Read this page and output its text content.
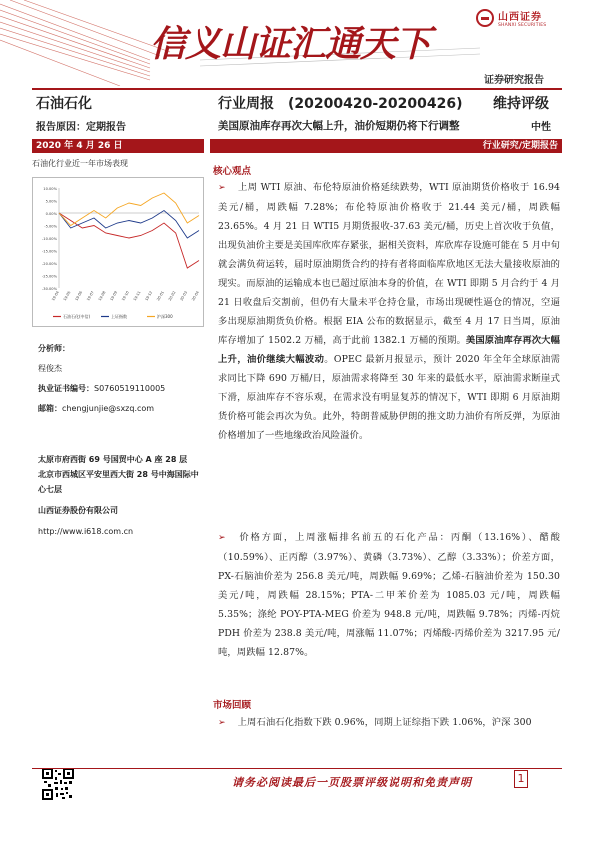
信义山证汇通天下
山西证券
SHANXI SECURITIES
证券研究报告
石油石化	行业周报　(20200420-20200426) 维持评级
报告原因：定期报告	美国原油库存再次大幅上升，油价短期仍将下行调整	中性
2020 年 4 月 26 日	行业研究/定期报告
石油化行业近一年市场表现
10.00%
5.00%
0.00%
-5.00%
-10.00%
-15.00%
-20.00%
-25.00%
-30.00%
19-04 19-05 19-06 19-07 19-08 19-09 19-10 19-11 19-12 20-01 20-02 20-03 20-04
石油石化(中信)	上证指数	沪深300
分析师：
程俊杰
执业证书编号：S0760519110005
邮箱：chengjunjie@sxzq.com
太原市府西街 69 号国贸中心 A 座 28 层
北京市西城区平安里西大街 28 号中海国际中心七层
山西证券股份有限公司
http://www.i618.com.cn
核心观点
➢ 上周 WTI 原油、布伦特原油价格延续跌势，WTI 原油期货价格收于 16.94 美元/桶，周跌幅 7.28%；布伦特原油价格收于 21.44 美元/桶，周跌幅 23.65%。4 月 21 日 WTI5 月期货报收-37.63 美元/桶，历史上首次收于负值，出现负油价主要是美国库欣库存紧张，据相关资料，库欣库存设施可能在 5 月中旬就会满负荷运转，届时原油期货合约的持有者将面临库欣地区无法大量接收原油的现实。而原油的运输成本也已超过原油本身的价值，在 WTI 即期 5 月合约于 4 月 21 日收盘后交割前，但仍有大量未平仓持仓量，市场出现硬性逼仓的情况，空逼多出现原油期货负价格。根据 EIA 公布的数据显示，截至 4 月 17 日当周，原油库存增加了 1502.2 万桶，高于此前 1382.1 万桶的预期。美国原油库存再次大幅上升，油价继续大幅波动。OPEC 最新月报显示，预计 2020 年全年全球原油需求同比下降 690 万桶/日，原油需求将降至 30 年来的最低水平，原油需求断崖式下滑，原油库存不容乐观，在需求没有明显复苏的情况下，WTI 即期 6 月原油期货价格可能会再次为负。此外，特朗普威胁伊朗的推文助力油价有所反弹，为原油价格增加了一些地缘政治风险溢价。
➢ 价格方面，上周涨幅排名前五的石化产品：丙酮（13.16%）、醋酸（10.59%）、正丙醇（3.97%）、黄磷（3.73%）、乙醇（3.33%）；价差方面，PX-石脑油价差为 256.8 美元/吨，周跌幅 9.69%；乙烯-石脑油价差为 150.30 美元/吨，周跌幅 28.15%；PTA-二甲苯价差为 1085.03 元/吨，周跌幅 5.35%；涤纶 POY-PTA-MEG 价差为 948.8 元/吨，周跌幅 9.78%；丙烯-丙烷 PDH 价差为 238.8 美元/吨，周涨幅 11.07%；丙烯酸-丙烯价差为 3217.95 元/吨，周跌幅 12.87%。
市场回顾
➢ 上周石油石化指数下跌 0.96%，同期上证综指下跌 1.06%，沪深 300
请务必阅读最后一页股票评级说明和免责声明	1
